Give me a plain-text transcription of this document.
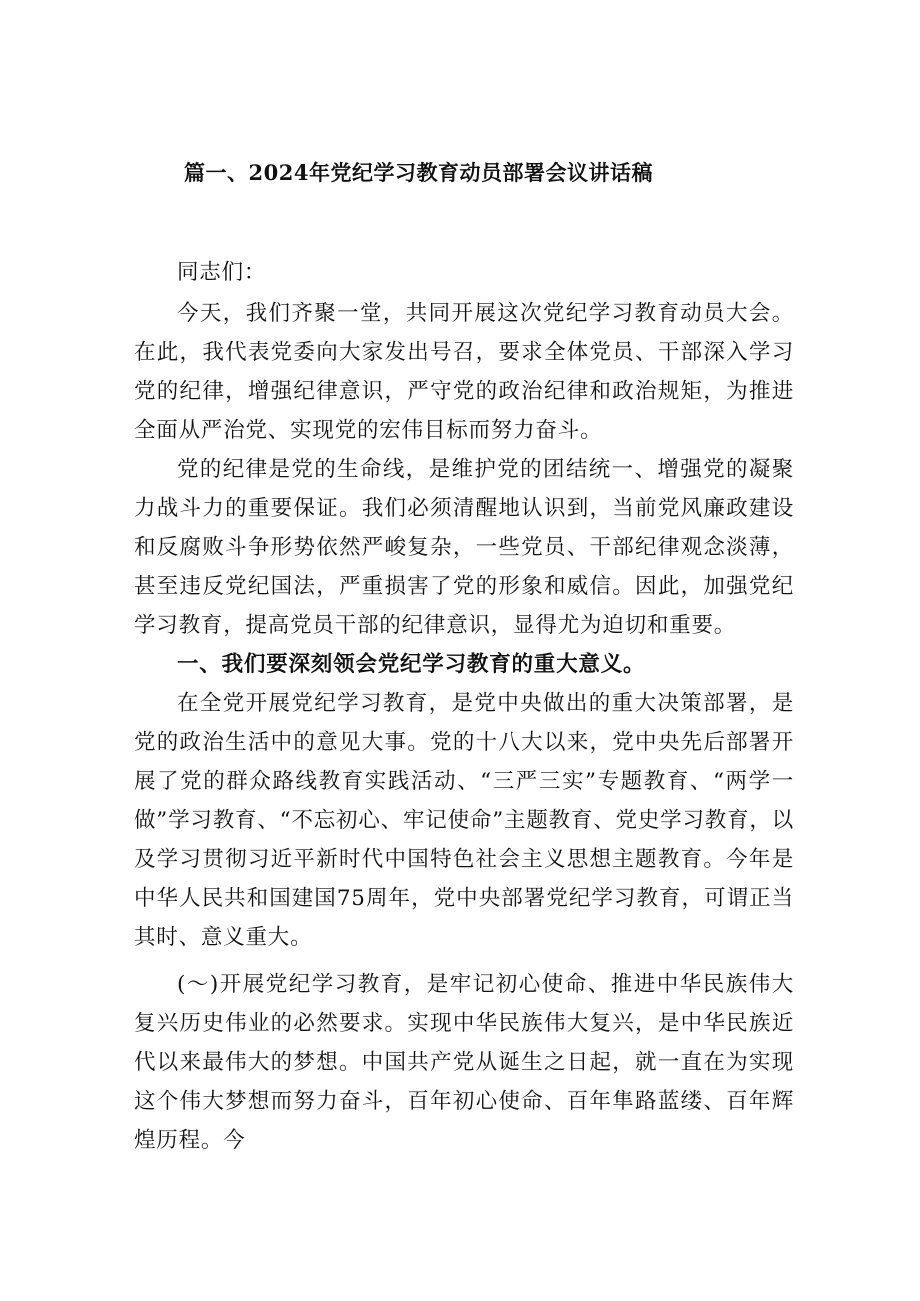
篇一、2024年党纪学习教育动员部署会议讲话稿

同志们：

今天，我们齐聚一堂，共同开展这次党纪学习教育动员大会。在此，我代表党委向大家发出号召，要求全体党员、干部深入学习党的纪律，增强纪律意识，严守党的政治纪律和政治规矩，为推进全面从严治党、实现党的宏伟目标而努力奋斗。

党的纪律是党的生命线，是维护党的团结统一、增强党的凝聚力战斗力的重要保证。我们必须清醒地认识到，当前党风廉政建设和反腐败斗争形势依然严峻复杂，一些党员、干部纪律观念淡薄，甚至违反党纪国法，严重损害了党的形象和威信。因此，加强党纪学习教育，提高党员干部的纪律意识，显得尤为迫切和重要。

一、我们要深刻领会党纪学习教育的重大意义。

在全党开展党纪学习教育，是党中央做出的重大决策部署，是党的政治生活中的意见大事。党的十八大以来，党中央先后部署开展了党的群众路线教育实践活动、“三严三实”专题教育、“两学一做”学习教育、“不忘初心、牢记使命”主题教育、党史学习教育，以及学习贯彻习近平新时代中国特色社会主义思想主题教育。今年是中华人民共和国建国75周年，党中央部署党纪学习教育，可谓正当其时、意义重大。

(〜)开展党纪学习教育，是牢记初心使命、推进中华民族伟大复兴历史伟业的必然要求。实现中华民族伟大复兴，是中华民族近代以来最伟大的梦想。中国共产党从诞生之日起，就一直在为实现这个伟大梦想而努力奋斗，百年初心使命、百年隼路蓝缕、百年辉煌历程。今
